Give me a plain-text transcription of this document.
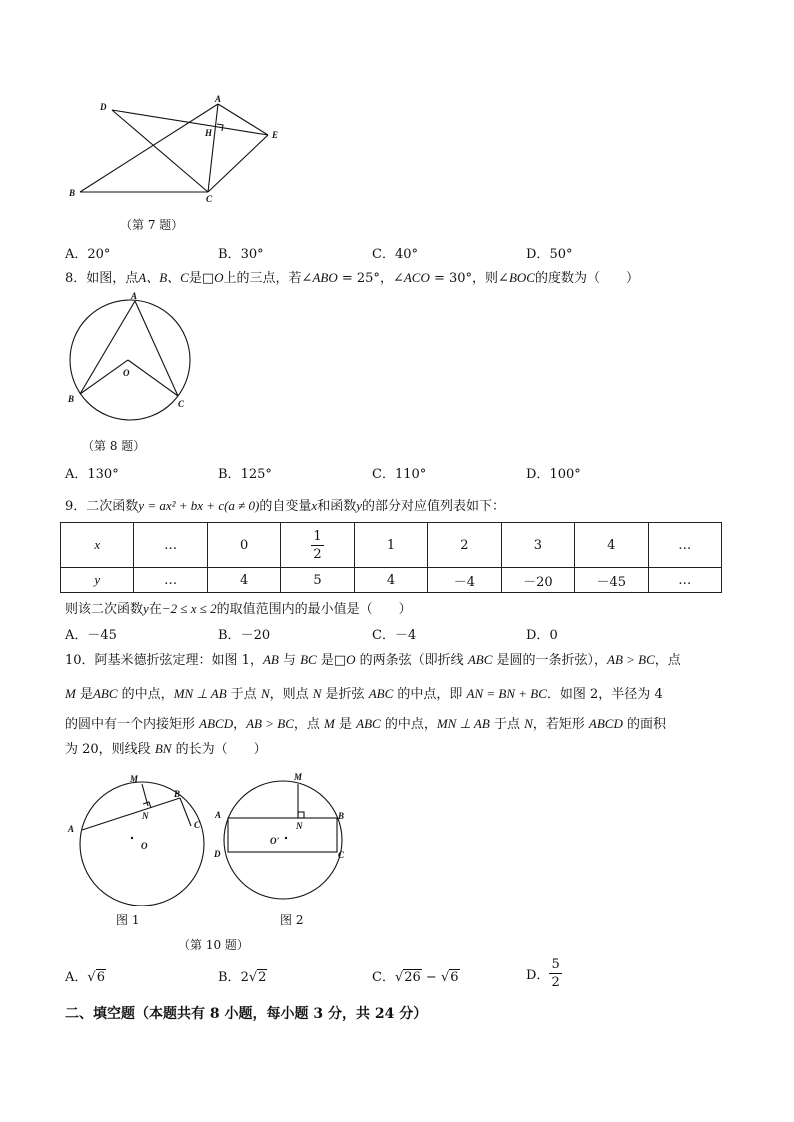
D
A
H	E
B
C
（第 7 题）
A．20°	B．30°	C．40°	D．50°
8．如图，点A、B、C是□O上的三点，若∠ABO = 25°，∠ACO = 30°，则∠BOC的度数为（　　）
A
O
B	C
（第 8 题）
A．130°	B．125°	C．110°	D．100°
9．二次函数y = ax² + bx + c(a ≠ 0)的自变量x和函数y的部分对应值列表如下：
x	…	0	$\frac{1}{2}$	1	2	3	4	…
y	…	4	5	4	－4	－20	－45	…
则该二次函数y在−2 ≤ x ≤ 2的取值范围内的最小值是（　　）
A．－45	B．－20	C．－4	D．0
10．阿基米德折弦定理：如图 1，AB 与 BC 是□O 的两条弦（即折线 ABC 是圆的一条折弦），AB > BC，点
M 是ABC 的中点，MN ⊥ AB 于点 N，则点 N 是折弦 ABC 的中点，即 AN = BN + BC．如图 2，半径为 4
的圆中有一个内接矩形 ABCD，AB > BC，点 M 是 ABC 的中点，MN ⊥ AB 于点 N，若矩形 ABCD 的面积
为 20，则线段 BN 的长为（　　）
M
B
N
C
A
O
M
A
N
B
O'
D	C
图 1	图 2
（第 10 题）
A．√6	B．2√2	C．√26 − √6	D． $\frac{5}{2}$
二、填空题（本题共有 8 小题，每小题 3 分，共 24 分）
